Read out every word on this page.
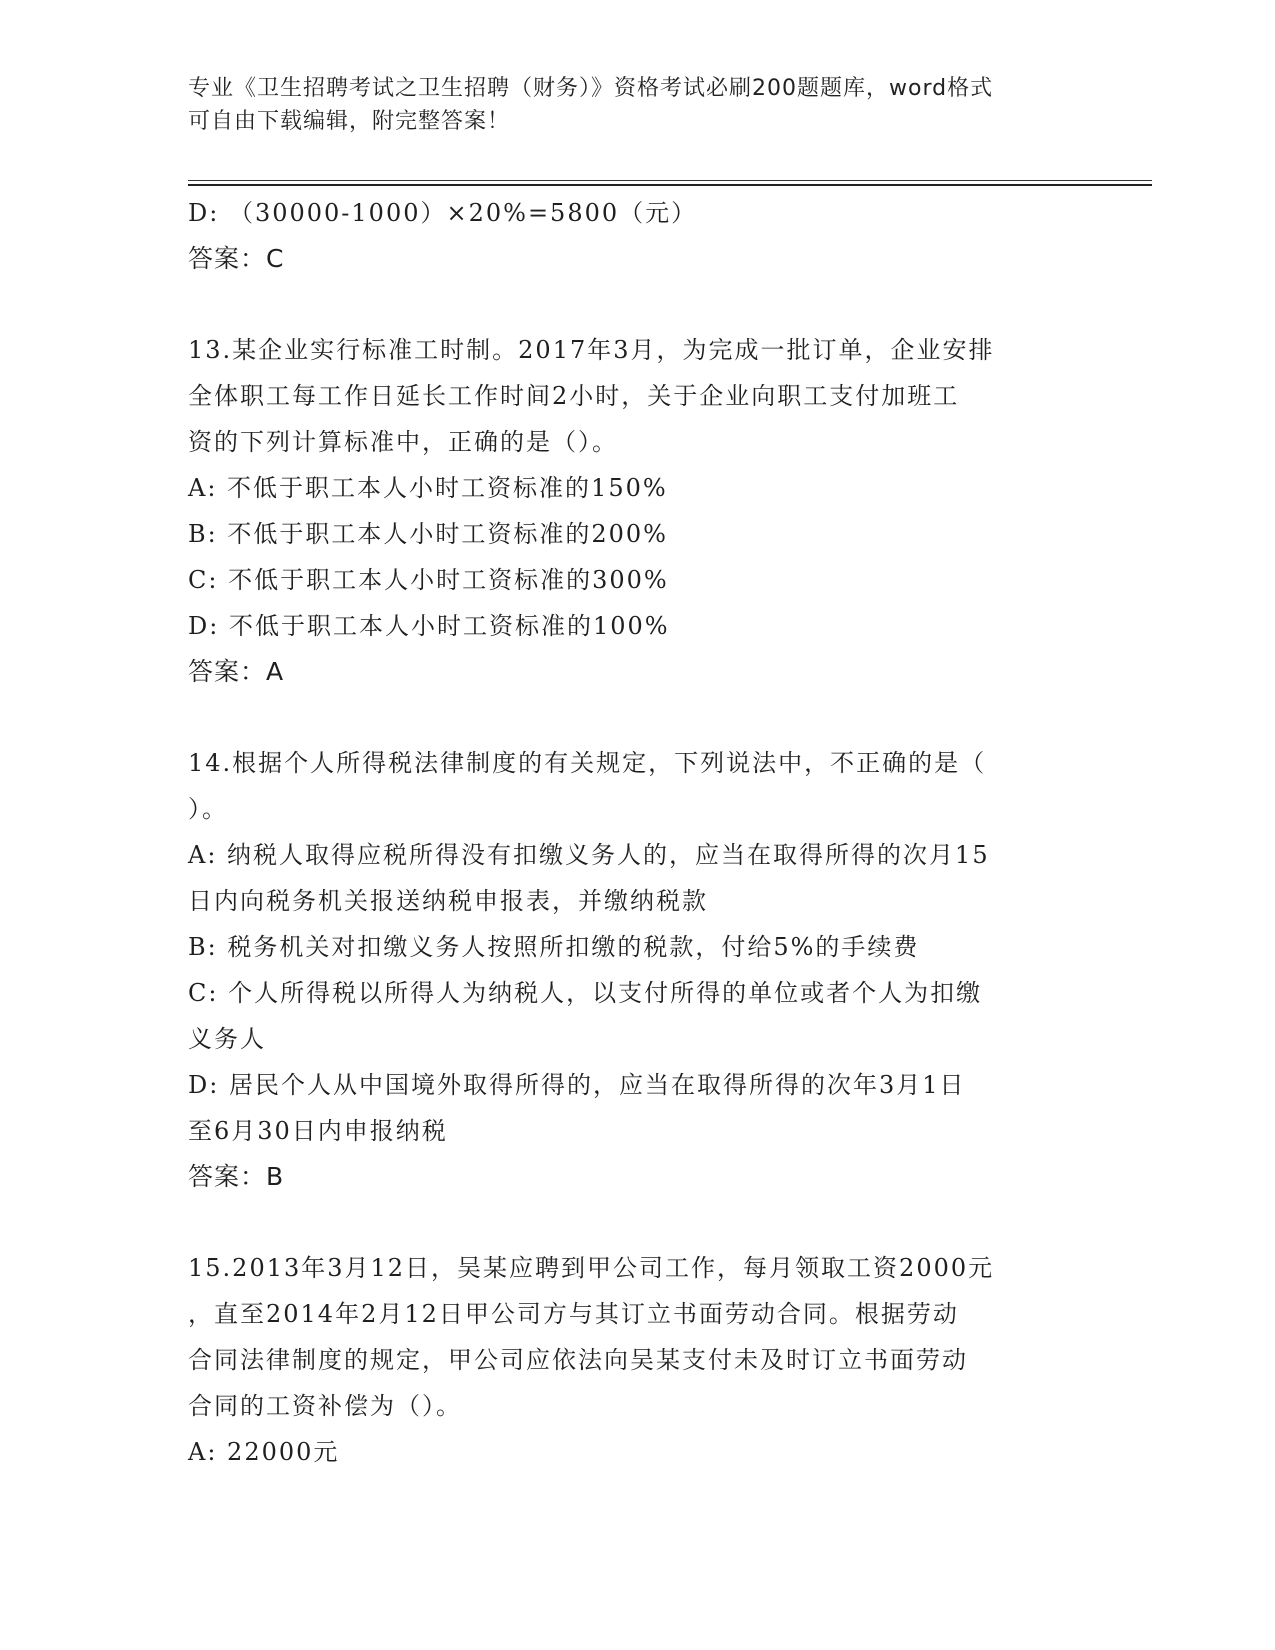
专业《卫生招聘考试之卫生招聘（财务）》资格考试必刷200题题库，word格式
可自由下载编辑，附完整答案！
D: （30000-1000）×20%=5800（元）
答案：C
13.某企业实行标准工时制。2017年3月，为完成一批订单，企业安排
全体职工每工作日延长工作时间2小时，关于企业向职工支付加班工
资的下列计算标准中，正确的是（）。
A: 不低于职工本人小时工资标准的150%
B: 不低于职工本人小时工资标准的200%
C: 不低于职工本人小时工资标准的300%
D: 不低于职工本人小时工资标准的100%
答案：A
14.根据个人所得税法律制度的有关规定，下列说法中，不正确的是（
）。
A: 纳税人取得应税所得没有扣缴义务人的，应当在取得所得的次月15
日内向税务机关报送纳税申报表，并缴纳税款
B: 税务机关对扣缴义务人按照所扣缴的税款，付给5%的手续费
C: 个人所得税以所得人为纳税人，以支付所得的单位或者个人为扣缴
义务人
D: 居民个人从中国境外取得所得的，应当在取得所得的次年3月1日
至6月30日内申报纳税
答案：B
15.2013年3月12日，吴某应聘到甲公司工作，每月领取工资2000元
，直至2014年2月12日甲公司方与其订立书面劳动合同。根据劳动
合同法律制度的规定，甲公司应依法向吴某支付未及时订立书面劳动
合同的工资补偿为（）。
A: 22000元
